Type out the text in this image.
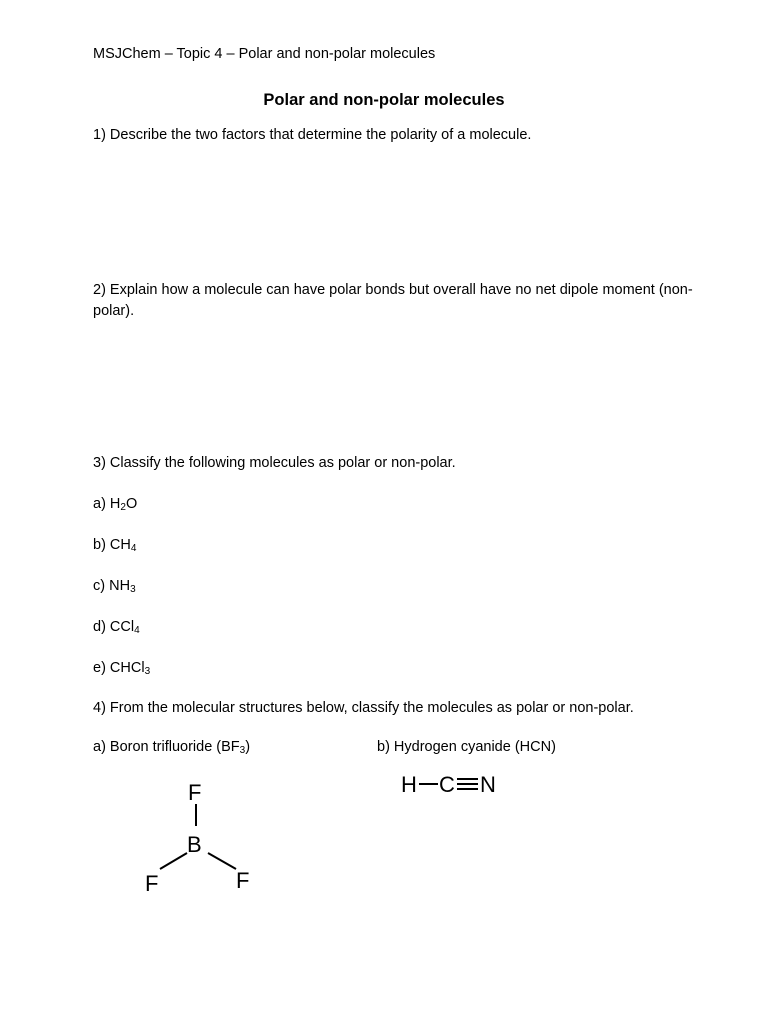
MSJChem – Topic 4 – Polar and non-polar molecules
Polar and non-polar molecules
1) Describe the two factors that determine the polarity of a molecule.
2) Explain how a molecule can have polar bonds but overall have no net dipole moment (non-polar).
3) Classify the following molecules as polar or non-polar.
a) $H_2O$
b) $CH_4$
c) $NH_3$
d) CCl$_4$
e) CHCl$_3$
4) From the molecular structures below, classify the molecules as polar or non-polar.
a) Boron trifluoride $(BF_3)$	b) Hydrogen cyanide (HCN)
F
B
F	F
H C N
